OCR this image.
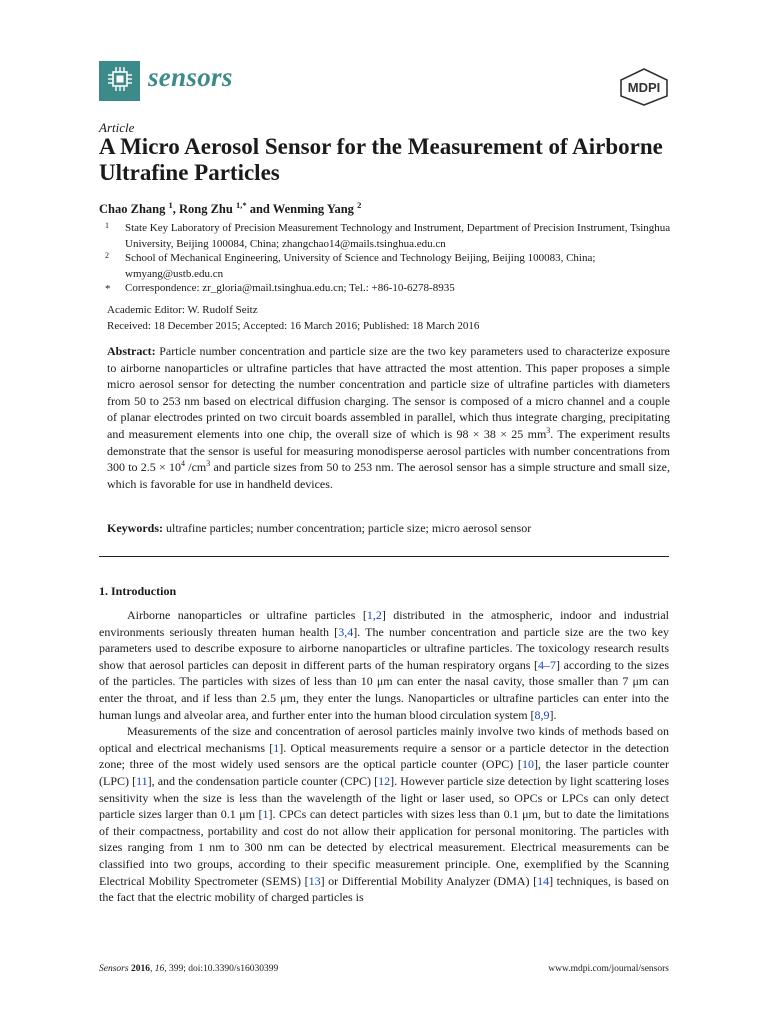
sensors	MDPI
Article
A Micro Aerosol Sensor for the Measurement of Airborne Ultrafine Particles
Chao Zhang $^1$, Rong Zhu $^{1,*}$ and Wenming Yang $^2$
1 State Key Laboratory of Precision Measurement Technology and Instrument, Department of Precision Instrument, Tsinghua University, Beijing 100084, China; zhangchao14@mails.tsinghua.edu.cn
2 School of Mechanical Engineering, University of Science and Technology Beijing, Beijing 100083, China; wmyang@ustb.edu.cn
* Correspondence: zr_gloria@mail.tsinghua.edu.cn; Tel.: +86-10-6278-8935
Academic Editor: W. Rudolf Seitz
Received: 18 December 2015; Accepted: 16 March 2016; Published: 18 March 2016
Abstract: Particle number concentration and particle size are the two key parameters used to characterize exposure to airborne nanoparticles or ultrafine particles that have attracted the most attention. This paper proposes a simple micro aerosol sensor for detecting the number concentration and particle size of ultrafine particles with diameters from 50 to 253 nm based on electrical diffusion charging. The sensor is composed of a micro channel and a couple of planar electrodes printed on two circuit boards assembled in parallel, which thus integrate charging, precipitating and measurement elements into one chip, the overall size of which is 98 × 38 × 25 $mm^3$. The experiment results demonstrate that the sensor is useful for measuring monodisperse aerosol particles with number concentrations from 300 to $2.5 \times 10^4$ $/cm^3$ and particle sizes from 50 to 253 nm. The aerosol sensor has a simple structure and small size, which is favorable for use in handheld devices.
Keywords: ultrafine particles; number concentration; particle size; micro aerosol sensor
1. Introduction

Airborne nanoparticles or ultrafine particles [1,2] distributed in the atmospheric, indoor and industrial environments seriously threaten human health [3,4]. The number concentration and particle size are the two key parameters used to describe exposure to airborne nanoparticles or ultrafine particles. The toxicology research results show that aerosol particles can deposit in different parts of the human respiratory organs [4–7] according to the sizes of the particles. The particles with sizes of less than 10 μm can enter the nasal cavity, those smaller than 7 μm can enter the throat, and if less than 2.5 μm, they enter the lungs. Nanoparticles or ultrafine particles can enter into the human lungs and alveolar area, and further enter into the human blood circulation system [8,9].

Measurements of the size and concentration of aerosol particles mainly involve two kinds of methods based on optical and electrical mechanisms [1]. Optical measurements require a sensor or a particle detector in the detection zone; three of the most widely used sensors are the optical particle counter (OPC) [10], the laser particle counter (LPC) [11], and the condensation particle counter (CPC) [12]. However particle size detection by light scattering loses sensitivity when the size is less than the wavelength of the light or laser used, so OPCs or LPCs can only detect particle sizes larger than 0.1 μm [1]. CPCs can detect particles with sizes less than 0.1 μm, but to date the limitations of their compactness, portability and cost do not allow their application for personal monitoring. The particles with sizes ranging from 1 nm to 300 nm can be detected by electrical measurement. Electrical measurements can be classified into two groups, according to their specific measurement principle. One, exemplified by the Scanning Electrical Mobility Spectrometer (SEMS) [13] or Differential Mobility Analyzer (DMA) [14] techniques, is based on the fact that the electric mobility of charged particles is

Sensors 2016, 16, 399; doi:10.3390/s16030399	www.mdpi.com/journal/sensors
